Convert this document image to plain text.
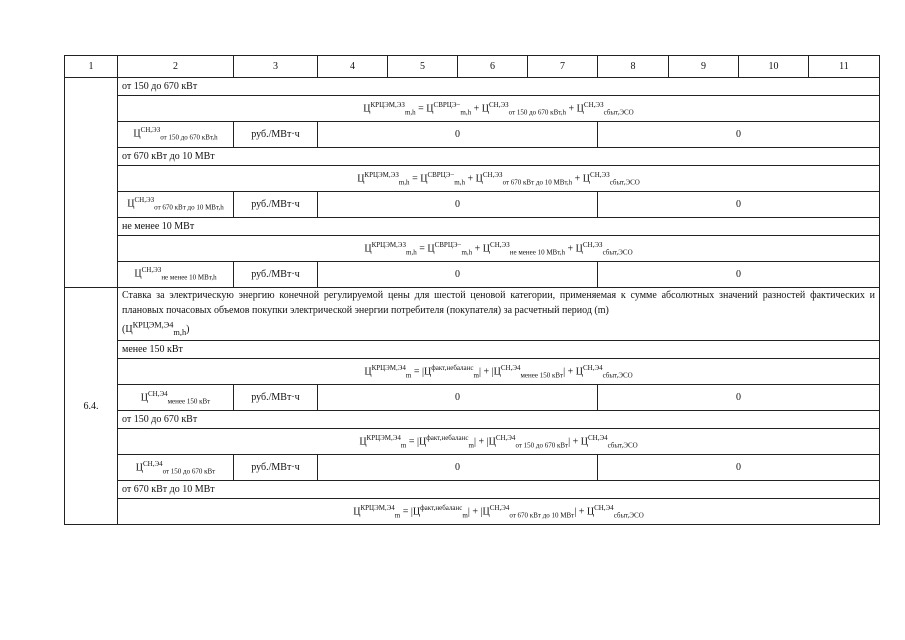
1	2	3	4	5	6	7	8	9	10	11
	от 150 до 670 кВт									
	$Ц^{КРЦЭМ,ЭЗ}_{m,h} = Ц^{СВРЦЭ-}_{m,h} + Ц^{СН,ЭЗ}_{от 150 до 670 кВт,h} + Ц^{СН,ЭЗ}_{сбыт,ЭСО}$
	$Ц^{СН,ЭЗ}_{от 150 до 670 кВт,h}$	руб./МВт·ч	0				0			
	от 670 кВт до 10 МВт									
	$Ц^{КРЦЭМ,ЭЗ}_{m,h} = Ц^{СВРЦЭ-}_{m,h} + Ц^{СН,ЭЗ}_{от 670 кВт до 10 МВт,h} + Ц^{СН,ЭЗ}_{сбыт,ЭСО}$
	$Ц^{СН,ЭЗ}_{от 670 кВт до 10 МВт,h}$	руб./МВт·ч	0				0			
	не менее 10 МВт									
	$Ц^{КРЦЭМ,ЭЗ}_{m,h} = Ц^{СВРЦЭ-}_{m,h} + Ц^{СН,ЭЗ}_{не менее 10 МВт,h} + Ц^{СН,ЭЗ}_{сбыт,ЭСО}$
	$Ц^{СН,ЭЗ}_{не менее 10 МВт,h}$	руб./МВт·ч	0				0			
6.4.	Ставка за электрическую энергию конечной регулируемой цены для шестой ценовой категории, применяемая к сумме абсолютных значений разностей фактических и плановых почасовых объемов покупки электрической энергии потребителя (покупателя) за расчетный период (m)
$(Ц^{КРЦЭМ,Э4}_{m,h})$									
	менее 150 кВт									
	$Ц^{КРЦЭМ,Э4}_m = |Ц^{факт,небаланс}_m| + |Ц^{СН,Э4}_{менее 150 кВт}| + Ц^{СН,Э4}_{сбыт,ЭСО}$
	$Ц^{СН,Э4}_{менее 150 кВт}$	руб./МВт·ч	0				0			
	от 150 до 670 кВт									
	$Ц^{КРЦЭМ,Э4}_m = |Ц^{факт,небаланс}_m| + |Ц^{СН,Э4}_{от 150 до 670 кВт}| + Ц^{СН,Э4}_{сбыт,ЭСО}$
	$Ц^{СН,Э4}_{от 150 до 670 кВт}$	руб./МВт·ч	0				0			
	от 670 кВт до 10 МВт									
	$Ц^{КРЦЭМ,Э4}_m = |Ц^{факт,небаланс}_m| + |Ц^{СН,Э4}_{от 670 кВт до 10 МВт}| + Ц^{СН,Э4}_{сбыт,ЭСО}$
